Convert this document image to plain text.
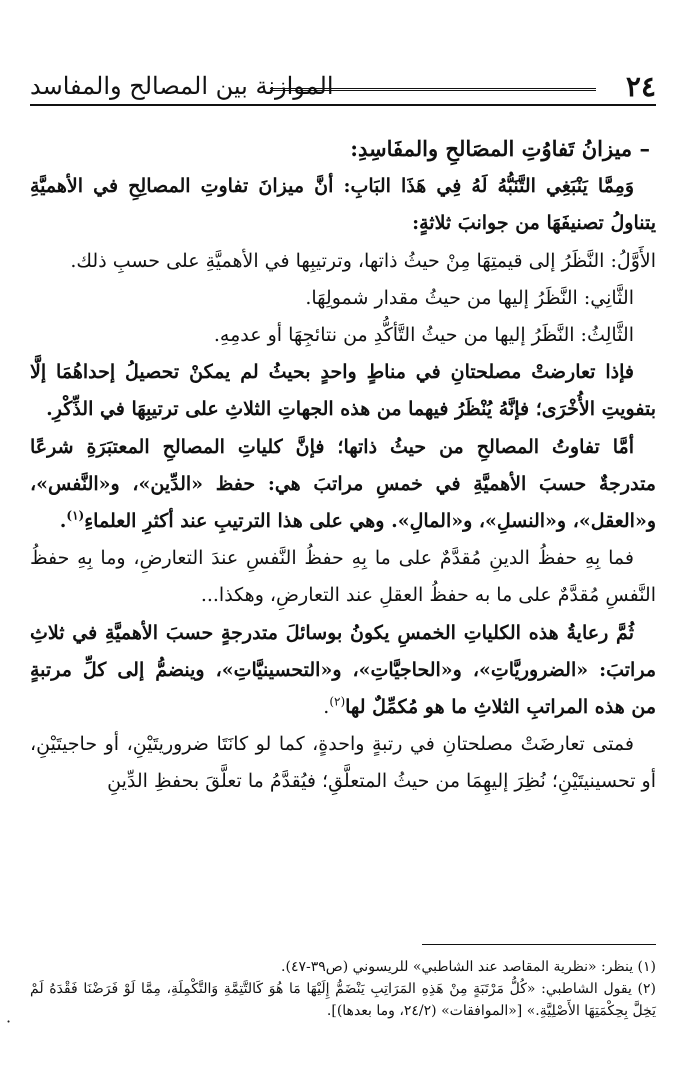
٢٤
الموازنة بين المصالح والمفاسد

– ميزانُ تَفاوُتِ المصَالحِ والمفَاسِدِ:

وَمِمَّا يَنْبَغِي التَّنَبُّهُ لَهُ فِي هَذَا البَابِ: أنَّ ميزانَ تفاوتِ المصالِحِ في الأهميَّةِ يتناولُ تصنيفَهَا من جوانبَ ثلاثةٍ:

الأَوَّلُ: النَّظَرُ إلى قيمتِهَا مِنْ حيثُ ذاتها، وترتيبِها في الأهميَّةِ على حسبِ ذلك.

الثَّانِي: النَّظَرُ إليها من حيثُ مقدار شمولِهَا.

الثَّالِثُ: النَّظَرُ إليها من حيثُ التَّأكُّدِ من نتائجِهَا أو عدمِهِ.

فإذا تعارضتْ مصلحتانِ في مناطٍ واحدٍ بحيثُ لم يمكنْ تحصيلُ إحداهُمَا إلَّا بتفويتِ الأُخْرَى؛ فإنَّهُ يُنْظَرُ فيهما من هذه الجهاتِ الثلاثِ على ترتيبِهَا في الذِّكْرِ.

أمَّا تفاوتُ المصالحِ من حيثُ ذاتها؛ فإنَّ كلياتِ المصالحِ المعتبَرَةِ شرعًا متدرجةٌ حسبَ الأهميَّةِ في خمسِ مراتبَ هي: حفظ «الدِّين»، و«النَّفس»، و«العقل»، و«النسلِ»، و«المالِ». وهي على هذا الترتيبِ عند أكثرِ العلماءِ$^{(١)}$.

فما بِهِ حفظُ الدينِ مُقدَّمٌ على ما بِهِ حفظُ النَّفسِ عندَ التعارضِ، وما بِهِ حفظُ النَّفسِ مُقدَّمٌ على ما به حفظُ العقلِ عند التعارضِ، وهكذا...

ثُمَّ رعايةُ هذه الكلياتِ الخمسِ يكونُ بوسائلَ متدرجةٍ حسبَ الأهميَّةِ في ثلاثِ مراتبَ: «الضروريَّاتِ»، و«الحاجيَّاتِ»، و«التحسينيَّاتِ»، وينضمُّ إلى كلِّ مرتبةٍ من هذه المراتبِ الثلاثِ ما هو مُكمِّلٌ لها$^{(٢)}$.

فمتى تعارضَتْ مصلحتانِ في رتبةٍ واحدةٍ، كما لو كانَتَا ضروريتَيْنِ، أو حاجيتَيْنِ، أو تحسينيتَيْنِ؛ نُظِرَ إليهِمَا من حيثُ المتعلَّقِ؛ فيُقدَّمُ ما تعلَّقَ بحفظِ الدِّينِ

(١) ينظر: «نظرية المقاصد عند الشاطبي» للريسوني (ص٣٩-٤٧).

(٢) يقول الشاطبي: «كُلُّ مَرْتَبَةٍ مِنْ هَذِهِ المَرَاتِبِ يَنْضَمُّ إِلَيْهَا مَا هُوَ كَالتَّتِمَّةِ وَالتَّكْمِلَةِ، مِمَّا لَوْ فَرَضْنَا فَقْدَهُ لَمْ يَخِلَّ بِحِكْمَتِهَا الأَصْلِيَّةِ.» [«الموافقات» (٢٤/٢، وما بعدها)].

·
